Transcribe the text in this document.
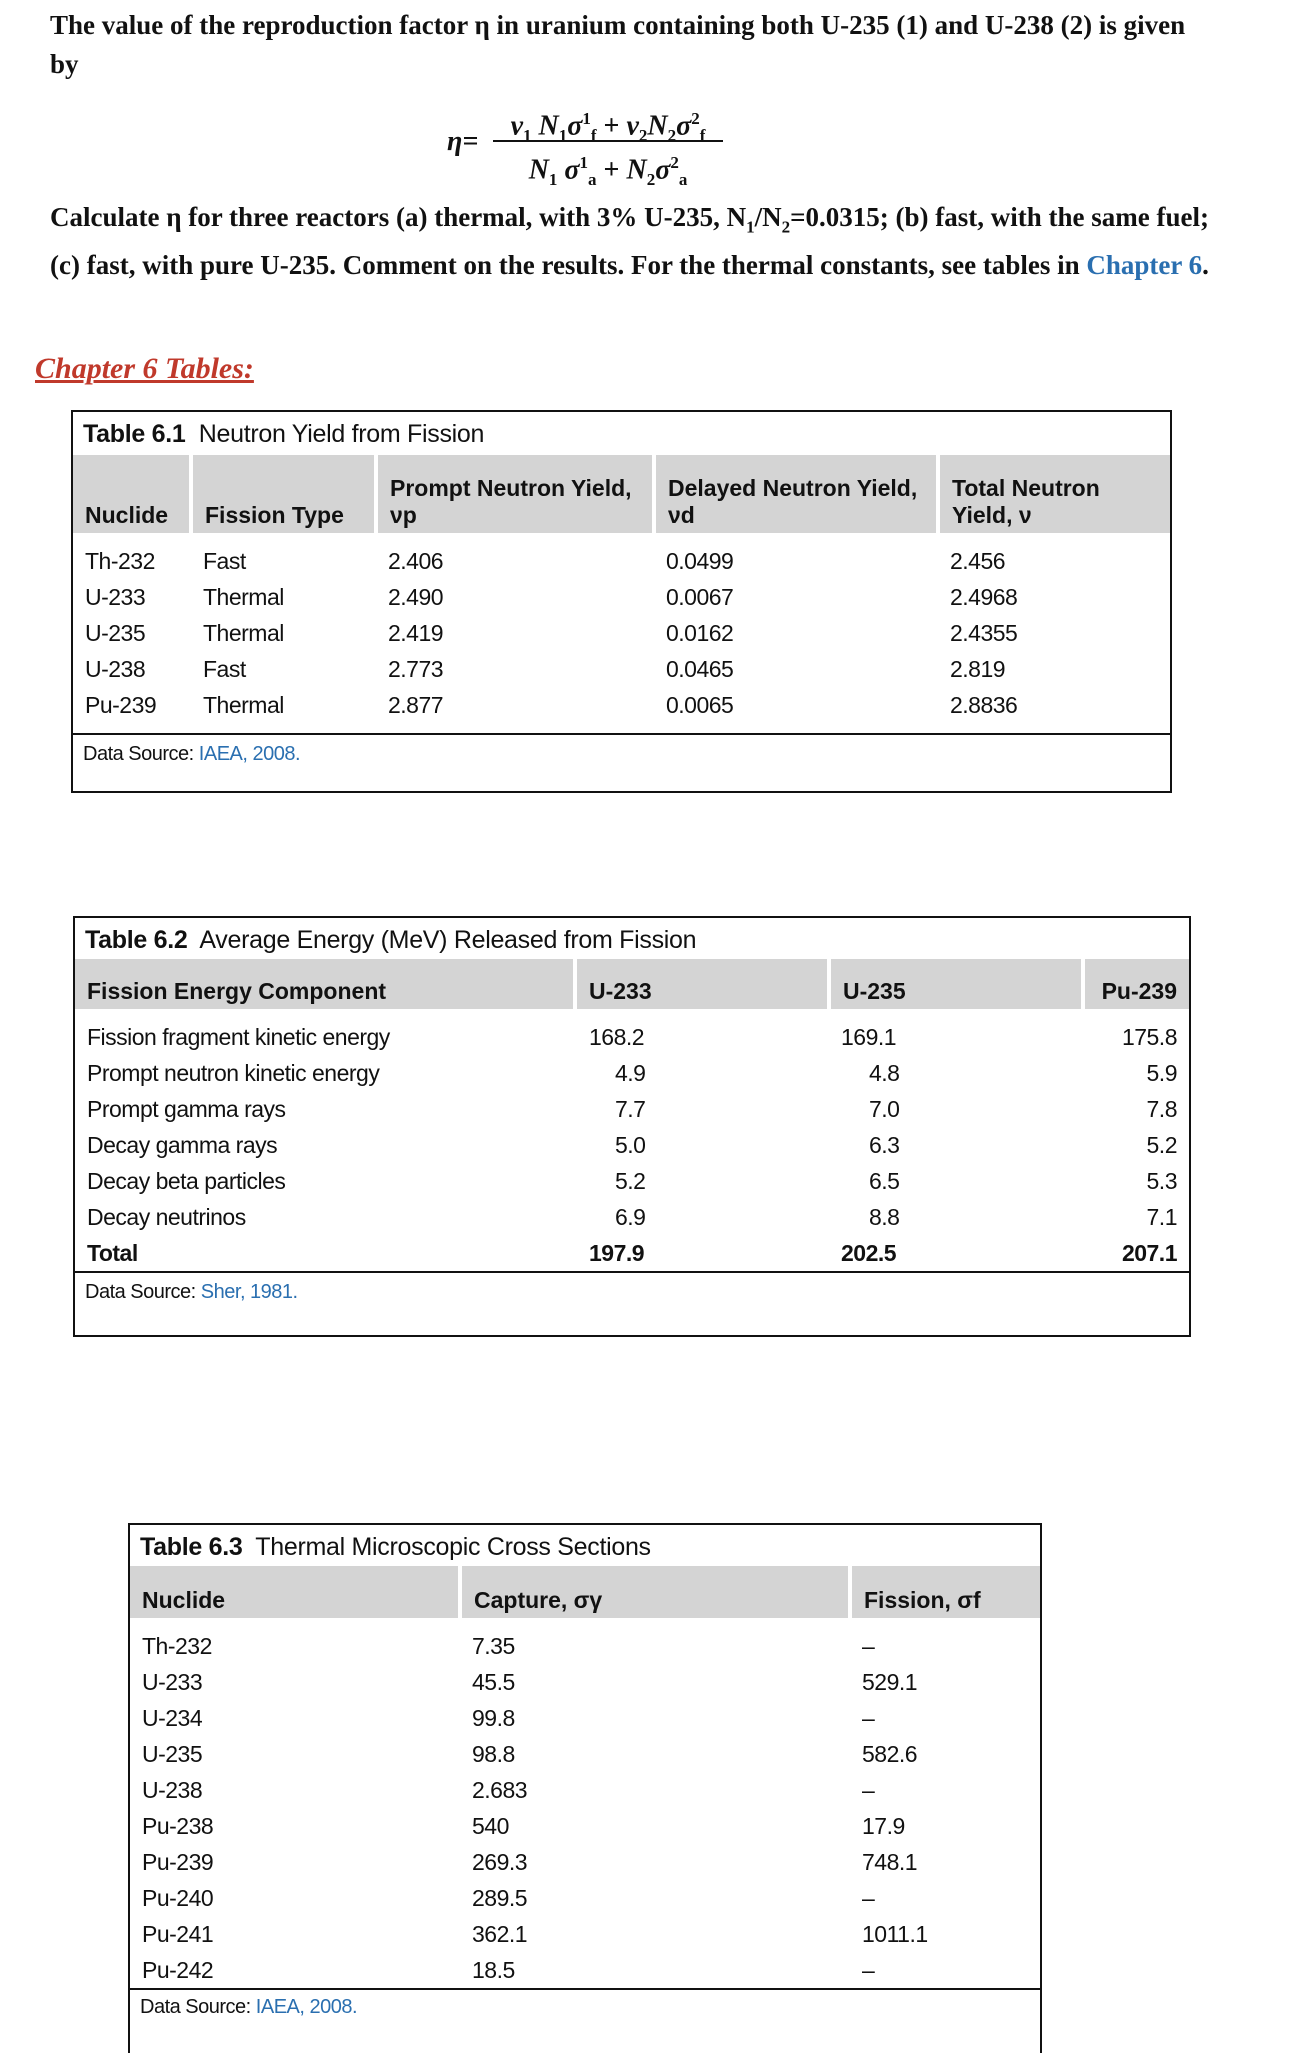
The value of the reproduction factor η in uranium containing both U-235 (1) and U-238 (2) is given by
η=
$\nu_1$ $N_1\sigma^1_f + \nu_2N_2\sigma^2_f$
$N_1$ $\sigma^1_a + N_2\sigma^2_a$
Calculate η for three reactors (a) thermal, with 3% U-235, $N_1/N_2=0.0315$; (b) fast, with the same fuel; (c) fast, with pure U-235. Comment on the results. For the thermal constants, see tables in Chapter 6.
Chapter 6 Tables:
Table 6.1 Neutron Yield from Fission
Nuclide	Fission Type	Prompt Neutron Yield, νp	Delayed Neutron Yield, νd	Total Neutron Yield, ν
Th-232	Fast	2.406	0.0499	2.456
U-233	Thermal	2.490	0.0067	2.4968
U-235	Thermal	2.419	0.0162	2.4355
U-238	Fast	2.773	0.0465	2.819
Pu-239	Thermal	2.877	0.0065	2.8836
Data Source: IAEA, 2008.
Table 6.2 Average Energy (MeV) Released from Fission
Fission Energy Component	U-233	U-235	Pu-239
Fission fragment kinetic energy	168.2	169.1	175.8
Prompt neutron kinetic energy	4.9	4.8	5.9
Prompt gamma rays	7.7	7.0	7.8
Decay gamma rays	5.0	6.3	5.2
Decay beta particles	5.2	6.5	5.3
Decay neutrinos	6.9	8.8	7.1
Total	197.9	202.5	207.1
Data Source: Sher, 1981.
Table 6.3 Thermal Microscopic Cross Sections
Nuclide	Capture, σγ	Fission, σf
Th-232	7.35	–
U-233	45.5	529.1
U-234	99.8	–
U-235	98.8	582.6
U-238	2.683	–
Pu-238	540	17.9
Pu-239	269.3	748.1
Pu-240	289.5	–
Pu-241	362.1	1011.1
Pu-242	18.5	–
Data Source: IAEA, 2008.
